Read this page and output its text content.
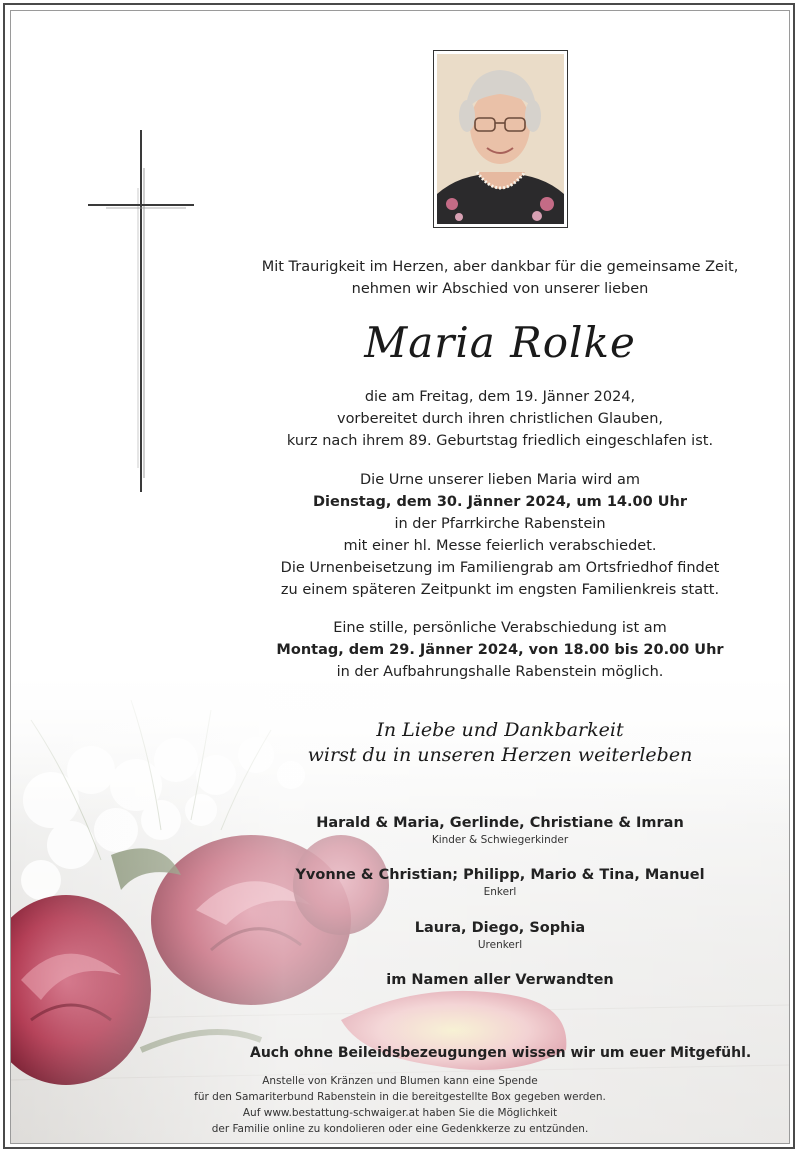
Mit Traurigkeit im Herzen, aber dankbar für die gemeinsame Zeit,
nehmen wir Abschied von unserer lieben
Maria Rolke
die am Freitag, dem 19. Jänner 2024,
vorbereitet durch ihren christlichen Glauben,
kurz nach ihrem 89. Geburtstag friedlich eingeschlafen ist.
Die Urne unserer lieben Maria wird am
Dienstag, dem 30. Jänner 2024, um 14.00 Uhr
in der Pfarrkirche Rabenstein
mit einer hl. Messe feierlich verabschiedet.
Die Urnenbeisetzung im Familiengrab am Ortsfriedhof findet
zu einem späteren Zeitpunkt im engsten Familienkreis statt.
Eine stille, persönliche Verabschiedung ist am
Montag, dem 29. Jänner 2024, von 18.00 bis 20.00 Uhr
in der Aufbahrungshalle Rabenstein möglich.
In Liebe und Dankbarkeit
wirst du in unseren Herzen weiterleben
Harald & Maria, Gerlinde, Christiane & Imran
Kinder & Schwiegerkinder
Yvonne & Christian; Philipp, Mario & Tina, Manuel
Enkerl
Laura, Diego, Sophia
Urenkerl
im Namen aller Verwandten
Auch ohne Beileidsbezeugungen wissen wir um euer Mitgefühl.
Anstelle von Kränzen und Blumen kann eine Spende
für den Samariterbund Rabenstein in die bereitgestellte Box gegeben werden.
Auf www.bestattung-schwaiger.at haben Sie die Möglichkeit
der Familie online zu kondolieren oder eine Gedenkkerze zu entzünden.
